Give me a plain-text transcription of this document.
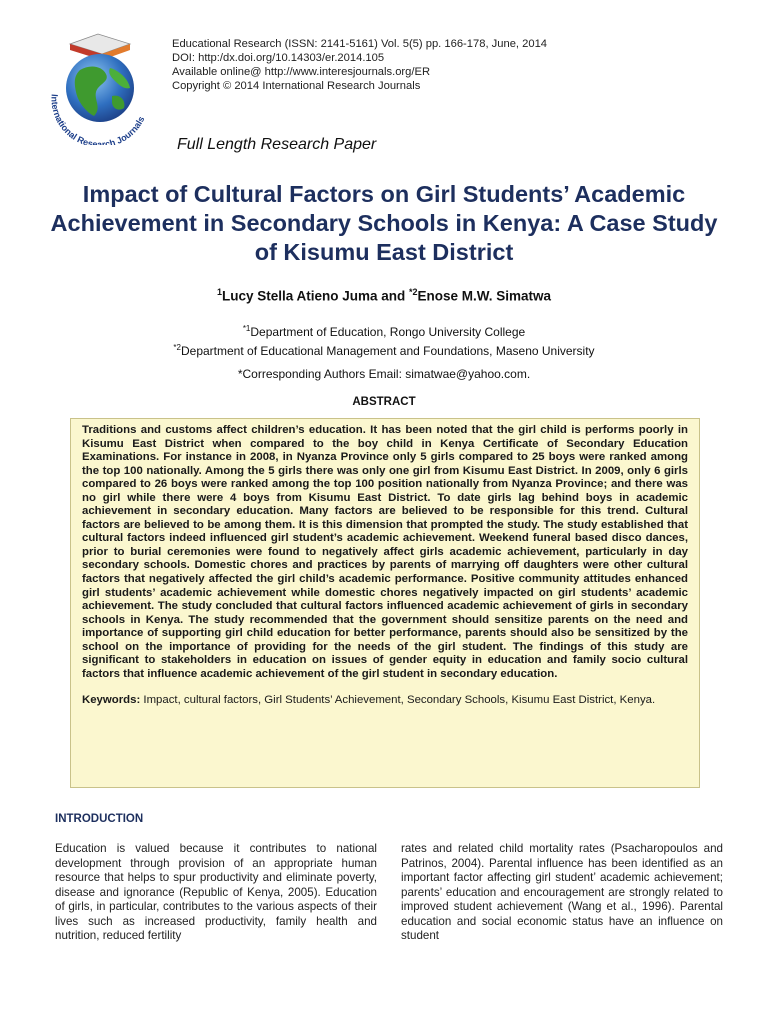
International Research Journals
Educational Research (ISSN: 2141-5161) Vol. 5(5) pp. 166-178, June, 2014
DOI: http:/dx.doi.org/10.14303/er.2014.105
Available online@ http://www.interesjournals.org/ER
Copyright © 2014 International Research Journals
Full Length Research Paper
Impact of Cultural Factors on Girl Students’ Academic Achievement in Secondary Schools in Kenya: A Case Study of Kisumu East District
$^1$Lucy Stella Atieno Juma and $^{*2}$Enose M.W. Simatwa
$^{*1}$Department of Education, Rongo University College
$^{*2}$Department of Educational Management and Foundations, Maseno University
*Corresponding Authors Email: simatwae@yahoo.com.
ABSTRACT

Traditions and customs affect children’s education. It has been noted that the girl child is performs poorly in Kisumu East District when compared to the boy child in Kenya Certificate of Secondary Education Examinations. For instance in 2008, in Nyanza Province only 5 girls compared to 25 boys were ranked among the top 100 nationally. Among the 5 girls there was only one girl from Kisumu East District. In 2009, only 6 girls compared to 26 boys were ranked among the top 100 position nationally from Nyanza Province; and there was no girl while there were 4 boys from Kisumu East District. To date girls lag behind boys in academic achievement in secondary education. Many factors are believed to be responsible for this trend. Cultural factors are believed to be among them. It is this dimension that prompted the study. The study established that cultural factors indeed influenced girl student’s academic achievement. Weekend funeral based disco dances, prior to burial ceremonies were found to negatively affect girls academic achievement, particularly in day secondary schools. Domestic chores and practices by parents of marrying off daughters were other cultural factors that negatively affected the girl child’s academic performance. Positive community attitudes enhanced girl students’ academic achievement while domestic chores negatively impacted on girl students’ academic achievement. The study concluded that cultural factors influenced academic achievement of girls in secondary schools in Kenya. The study recommended that the government should sensitize parents on the need and importance of supporting girl child education for better performance, parents should also be sensitized by the school on the importance of providing for the needs of the girl student. The findings of this study are significant to stakeholders in education on issues of gender equity in education and family socio cultural factors that influence academic achievement of the girl student in secondary education.

Keywords: Impact, cultural factors, Girl Students’ Achievement, Secondary Schools, Kisumu East District, Kenya.

INTRODUCTION

Education is valued because it contributes to national development through provision of an appropriate human resource that helps to spur productivity and eliminate poverty, disease and ignorance (Republic of Kenya, 2005). Education of girls, in particular, contributes to the various aspects of their lives such as increased productivity, family health and nutrition, reduced fertility

rates and related child mortality rates (Psacharopoulos and Patrinos, 2004). Parental influence has been identified as an important factor affecting girl student’ academic achievement; parents’ education and encouragement are strongly related to improved student achievement (Wang et al., 1996). Parental education and social economic status have an influence on student
